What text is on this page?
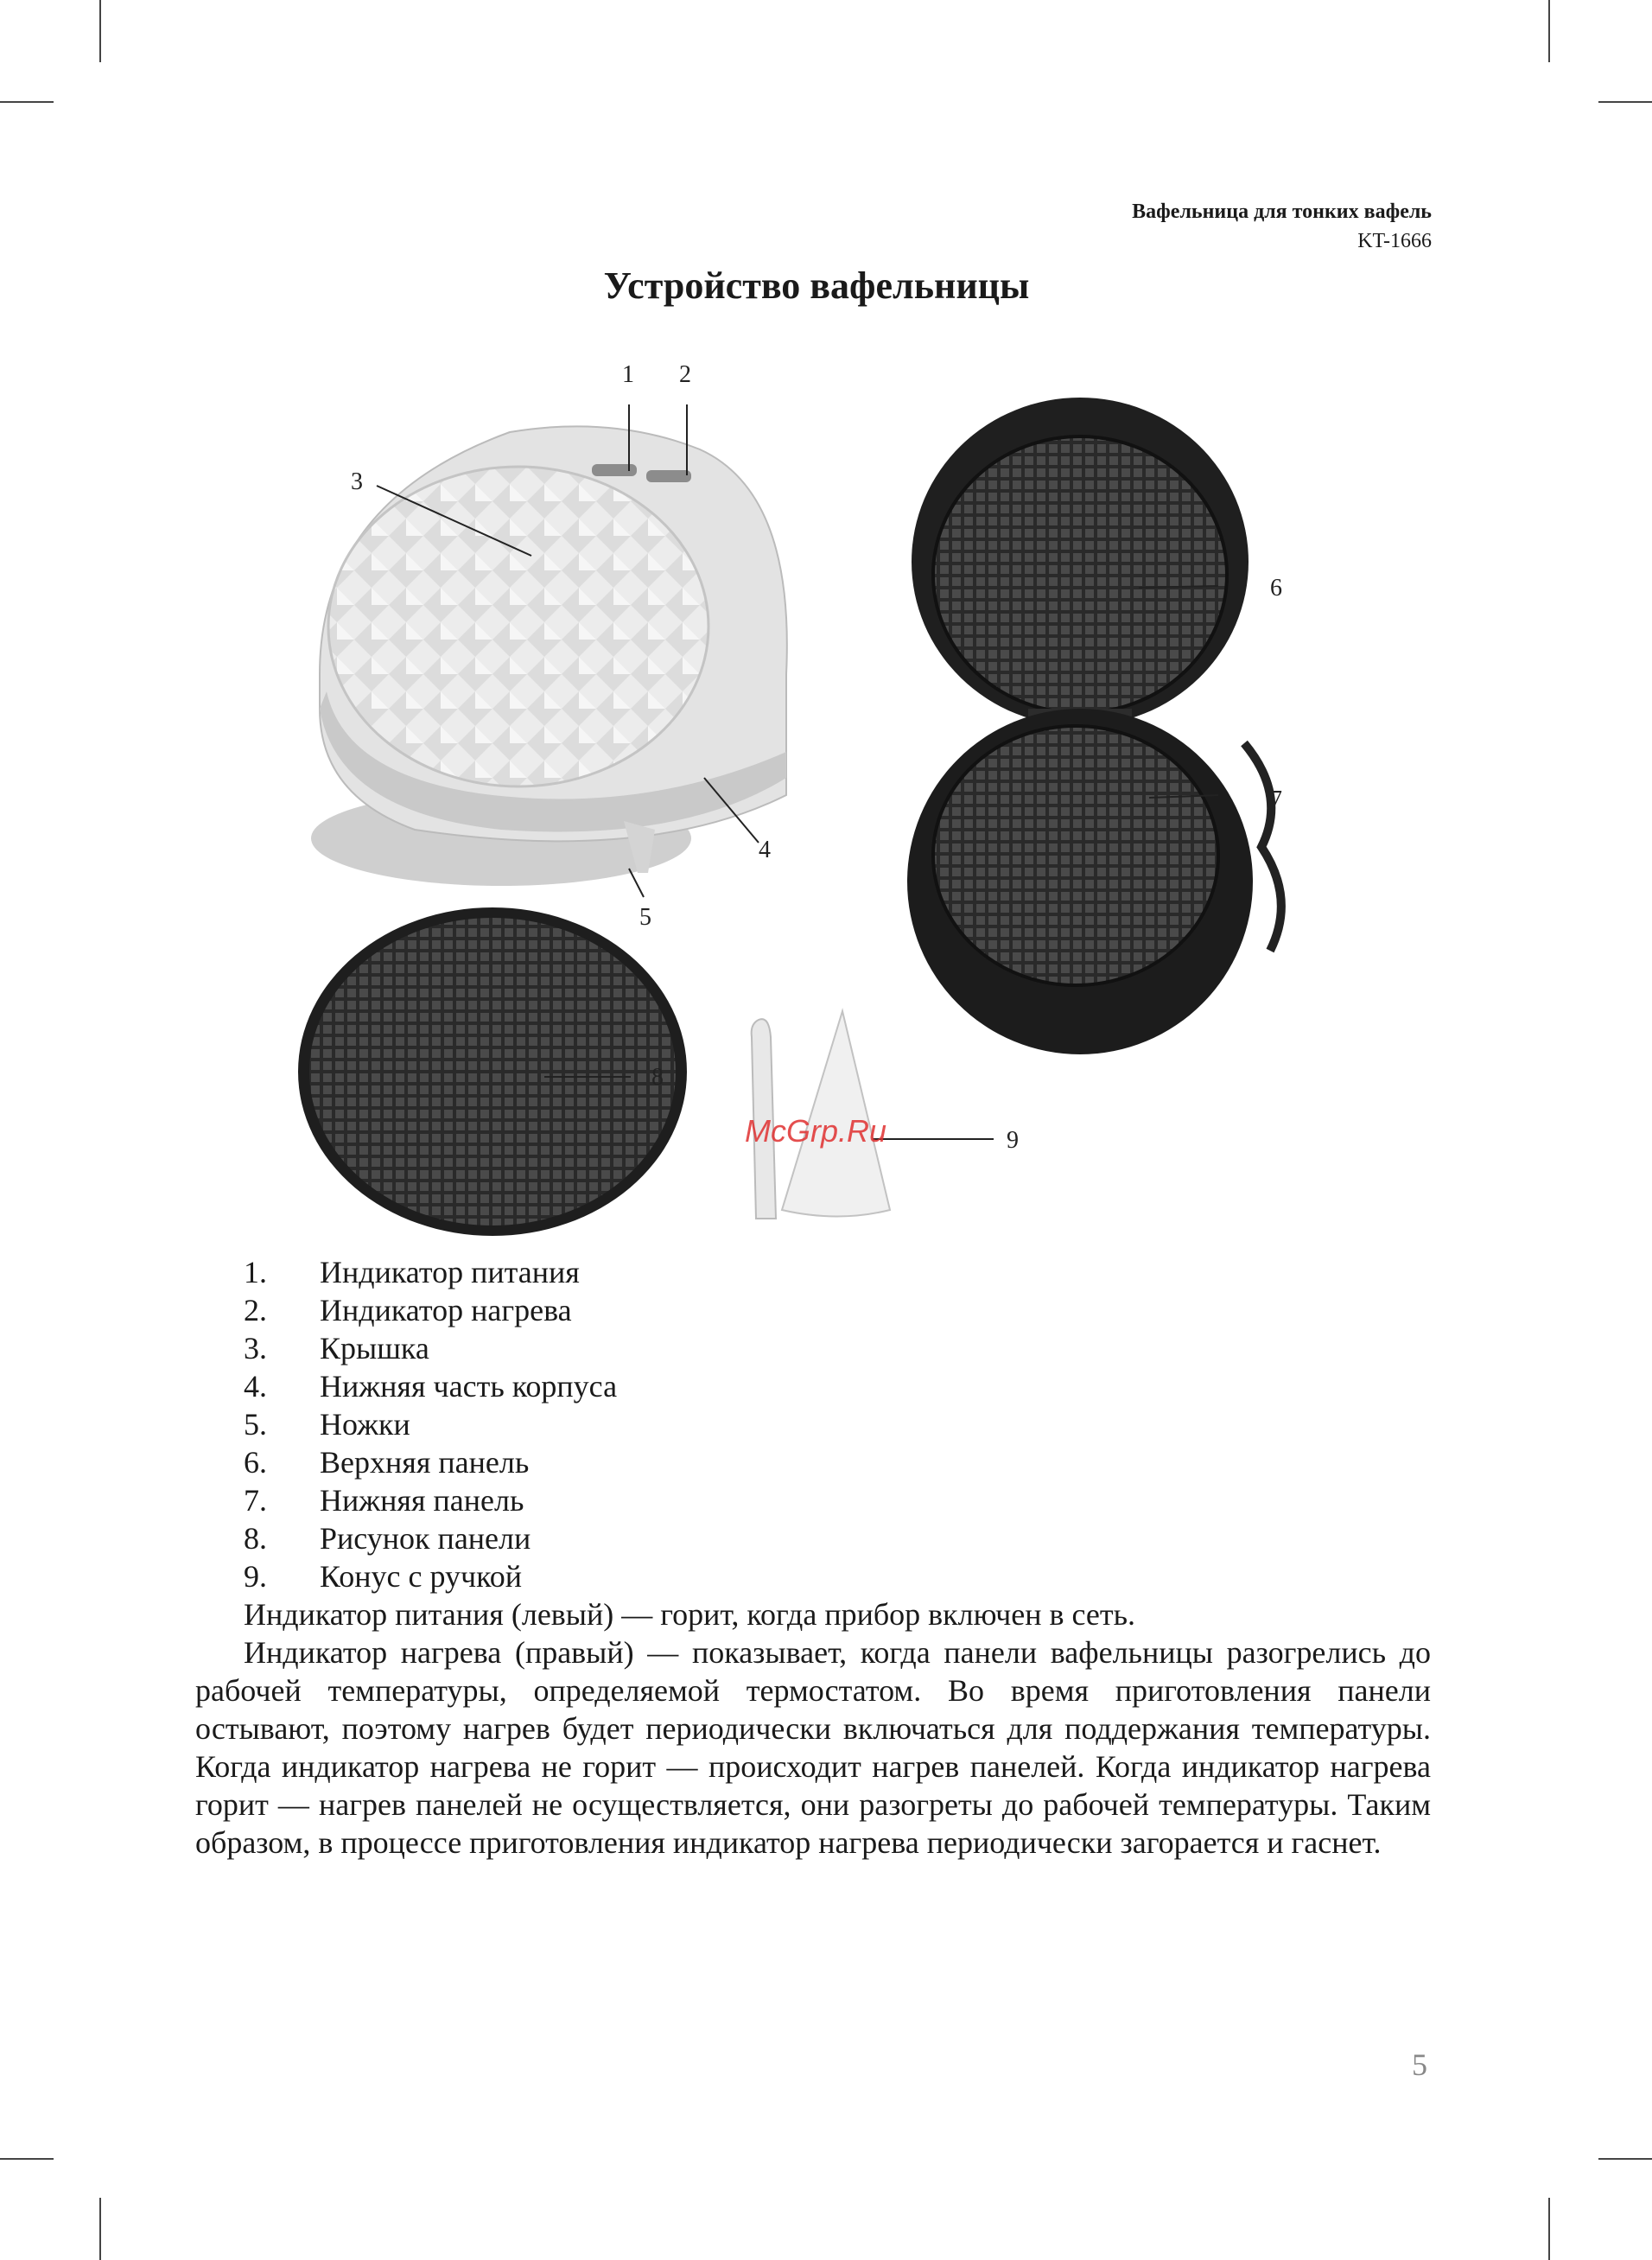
Вафельница для тонких вафель
KT-1666
Устройство вафельницы
1 2
3
6
7
4
5
8
9
McGrp.Ru
1. Индикатор питания
2. Индикатор нагрева
3. Крышка
4. Нижняя часть корпуса
5. Ножки
6. Верхняя панель
7. Нижняя панель
8. Рисунок панели
9. Конус с ручкой

Индикатор питания (левый) — горит, когда прибор включен в сеть.

Индикатор нагрева (правый) — показывает, когда панели вафельницы разогрелись до рабочей температуры, определяемой термостатом. Во время приготовления панели остывают, поэтому нагрев будет периодически включаться для поддержания температуры. Когда индикатор нагрева не горит — происходит нагрев панелей. Когда индикатор нагрева горит — нагрев панелей не осуществляется, они разогреты до рабочей температуры. Таким образом, в процессе приготовления индикатор нагрева периодически загорается и гаснет.

5
